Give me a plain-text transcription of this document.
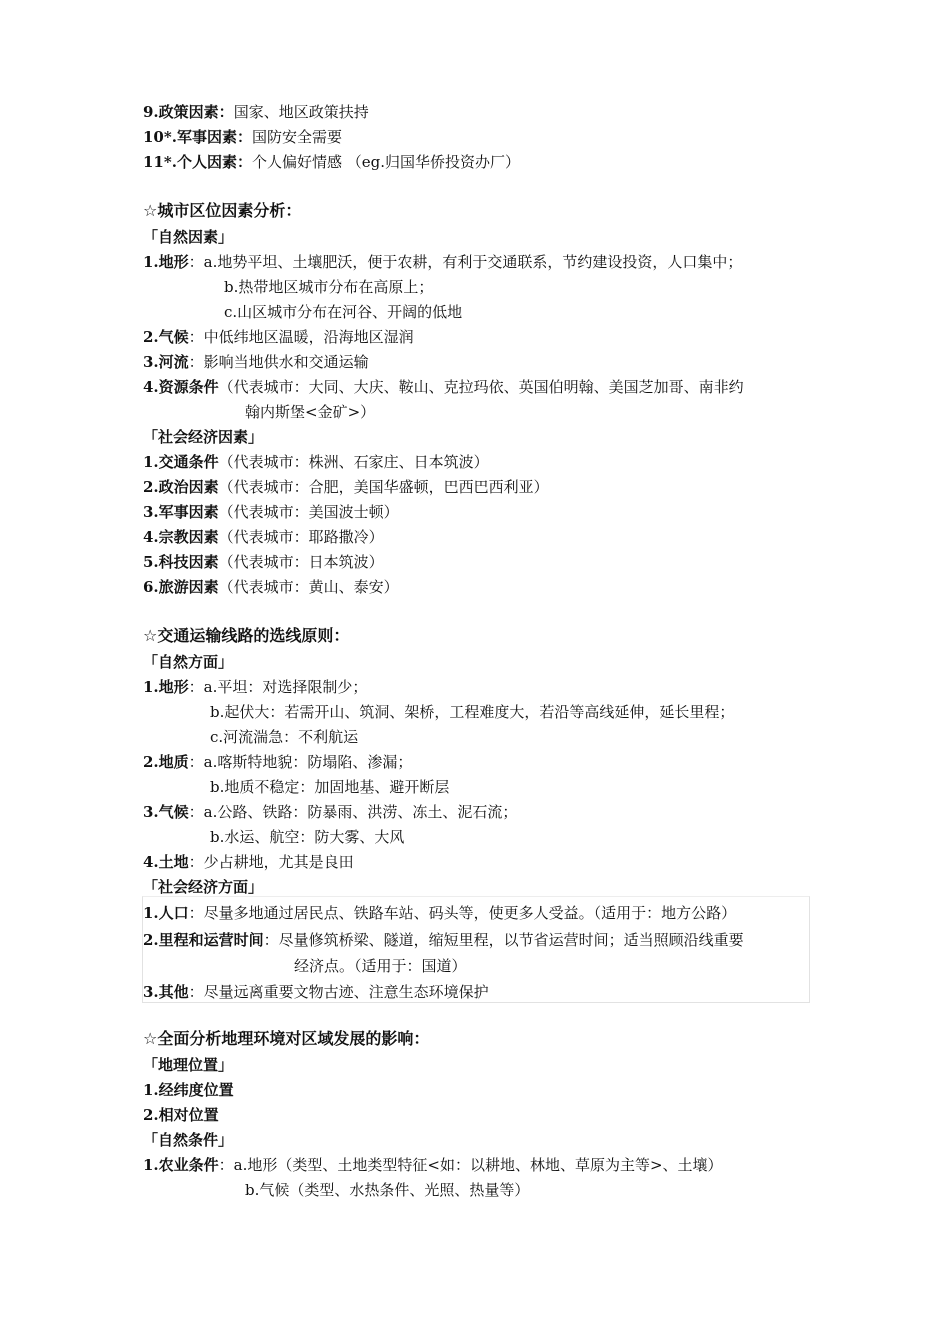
9.政策因素：国家、地区政策扶持
10*.军事因素：国防安全需要
11*.个人因素：个人偏好情感 （eg.归国华侨投资办厂）
☆城市区位因素分析：
「自然因素」
1.地形：a.地势平坦、土壤肥沃，便于农耕，有利于交通联系，节约建设投资，人口集中；
b.热带地区城市分布在高原上；
c.山区城市分布在河谷、开阔的低地
2.气候：中低纬地区温暖，沿海地区湿润
3.河流：影响当地供水和交通运输
4.资源条件（代表城市：大同、大庆、鞍山、克拉玛依、英国伯明翰、美国芝加哥、南非约
翰内斯堡<金矿>）
「社会经济因素」
1.交通条件（代表城市：株洲、石家庄、日本筑波）
2.政治因素（代表城市：合肥，美国华盛顿，巴西巴西利亚）
3.军事因素（代表城市：美国波士顿）
4.宗教因素（代表城市：耶路撒冷）
5.科技因素（代表城市：日本筑波）
6.旅游因素（代表城市：黄山、泰安）
☆交通运输线路的选线原则：
「自然方面」
1.地形：a.平坦：对选择限制少；
b.起伏大：若需开山、筑洞、架桥，工程难度大，若沿等高线延伸，延长里程；
c.河流湍急：不利航运
2.地质：a.喀斯特地貌：防塌陷、渗漏；
b.地质不稳定：加固地基、避开断层
3.气候：a.公路、铁路：防暴雨、洪涝、冻土、泥石流；
b.水运、航空：防大雾、大风
4.土地：少占耕地，尤其是良田
「社会经济方面」
1.人口：尽量多地通过居民点、铁路车站、码头等，使更多人受益。（适用于：地方公路）
2.里程和运营时间：尽量修筑桥梁、隧道，缩短里程，以节省运营时间；适当照顾沿线重要
经济点。（适用于：国道）
3.其他：尽量远离重要文物古迹、注意生态环境保护
☆全面分析地理环境对区域发展的影响：
「地理位置」
1.经纬度位置
2.相对位置
「自然条件」
1.农业条件：a.地形（类型、土地类型特征<如：以耕地、林地、草原为主等>、土壤）
b.气候（类型、水热条件、光照、热量等）
